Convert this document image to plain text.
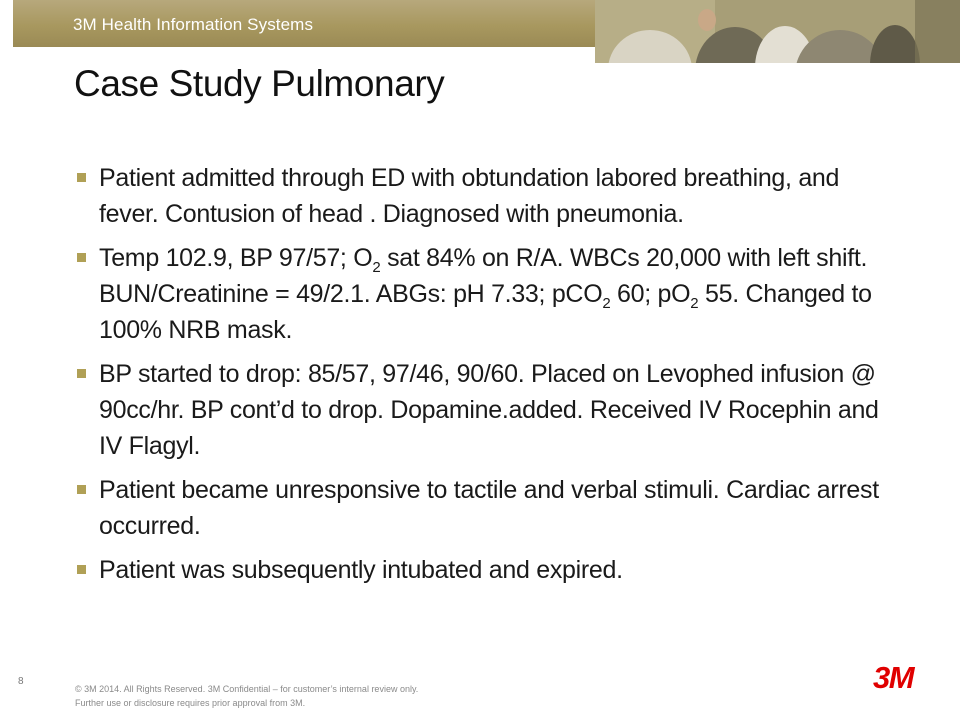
3M Health Information Systems
Case Study Pulmonary
Patient admitted through ED with obtundation labored breathing, and fever. Contusion of head . Diagnosed with pneumonia.
Temp 102.9, BP 97/57; $O_2$ sat 84% on R/A. WBCs 20,000 with left shift. BUN/Creatinine = 49/2.1. ABGs: pH 7.33; pCO$_2$ 60; $pO_2$ 55. Changed to 100% NRB mask.
BP started to drop: 85/57, 97/46, 90/60. Placed on Levophed infusion @ 90cc/hr. BP cont’d to drop. Dopamine.added. Received IV Rocephin and IV Flagyl.
Patient became unresponsive to tactile and verbal stimuli. Cardiac arrest occurred.
Patient was subsequently intubated and expired.
8
© 3M 2014. All Rights Reserved. 3M Confidential – for customer’s internal review only.
Further use or disclosure requires prior approval from 3M.
3M
